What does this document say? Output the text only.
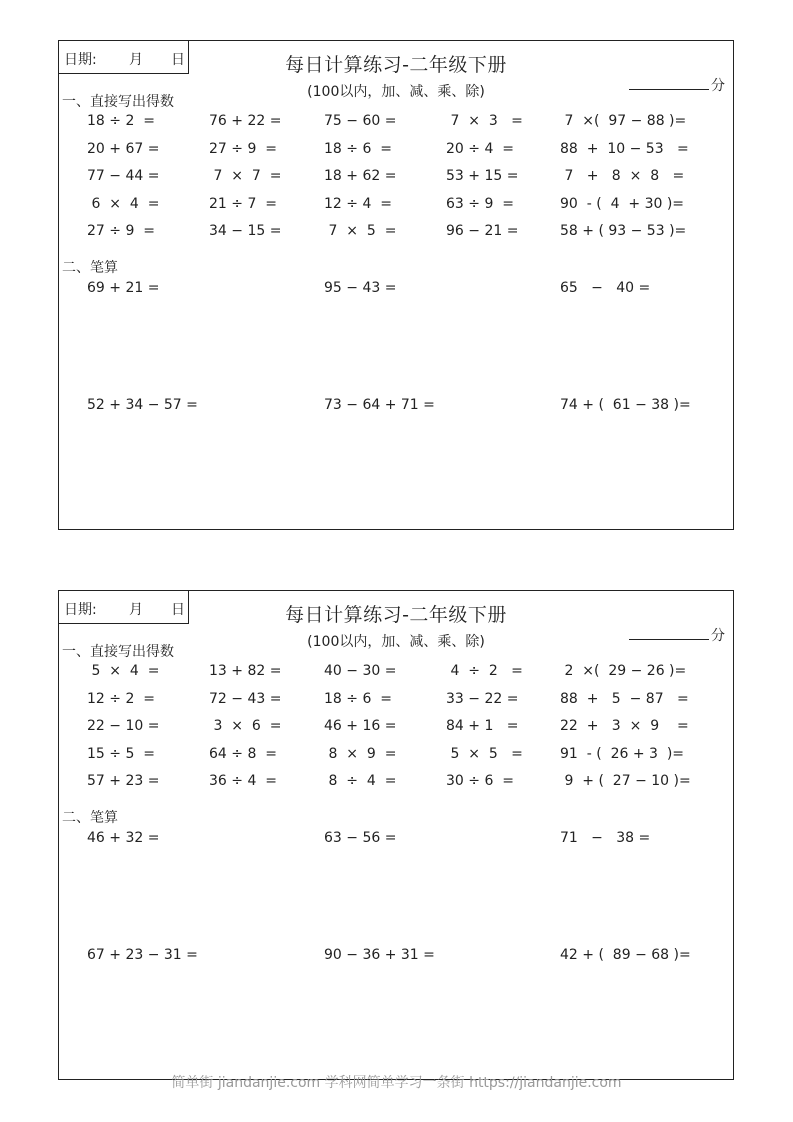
日期: 月 日	每日计算练习-二年级下册
(100以内，加、减、乘、除)	分
一、直接写出得数
18 ÷ 2  =	76 + 22 =	75 − 60 =	7  ×  3   =	7  ×(  97 − 88 )=
20 + 67 =	27 ÷ 9  =	18 ÷ 6  =	20 ÷ 4  =	88  +  10 − 53   =
77 − 44 =	7  ×  7  =	18 + 62 =	53 + 15 =	7   +   8  ×  8   =
6  ×  4  =	21 ÷ 7  =	12 ÷ 4  =	63 ÷ 9  =	90  - (  4  + 30 )=
27 ÷ 9  =	34 − 15 =	7  ×  5  =	96 − 21 =	58 + ( 93 − 53 )=
二、笔算
69 + 21 =	95 − 43 =	65   −   40 =
52 + 34 − 57 =	73 − 64 + 71 =	74 + (  61 − 38 )=
日期: 月 日	每日计算练习-二年级下册
(100以内，加、减、乘、除)	分
一、直接写出得数
5  ×  4  =	13 + 82 =	40 − 30 =	4  ÷  2   =	2  ×(  29 − 26 )=
12 ÷ 2  =	72 − 43 =	18 ÷ 6  =	33 − 22 =	88  +   5  − 87   =
22 − 10 =	3  ×  6  =	46 + 16 =	84 + 1   =	22  +   3  ×  9    =
15 ÷ 5  =	64 ÷ 8  =	8  ×  9  =	5  ×  5   =	91  - (  26 + 3  )=
57 + 23 =	36 ÷ 4  =	8  ÷  4  =	30 ÷ 6  =	9  + (  27 − 10 )=
二、笔算
46 + 32 =	63 − 56 =	71   −   38 =
67 + 23 − 31 =	90 − 36 + 31 =	42 + (  89 − 68 )=
简单街 jiandanjie.com 学科网简单学习一条街 https://jiandanjie.com
